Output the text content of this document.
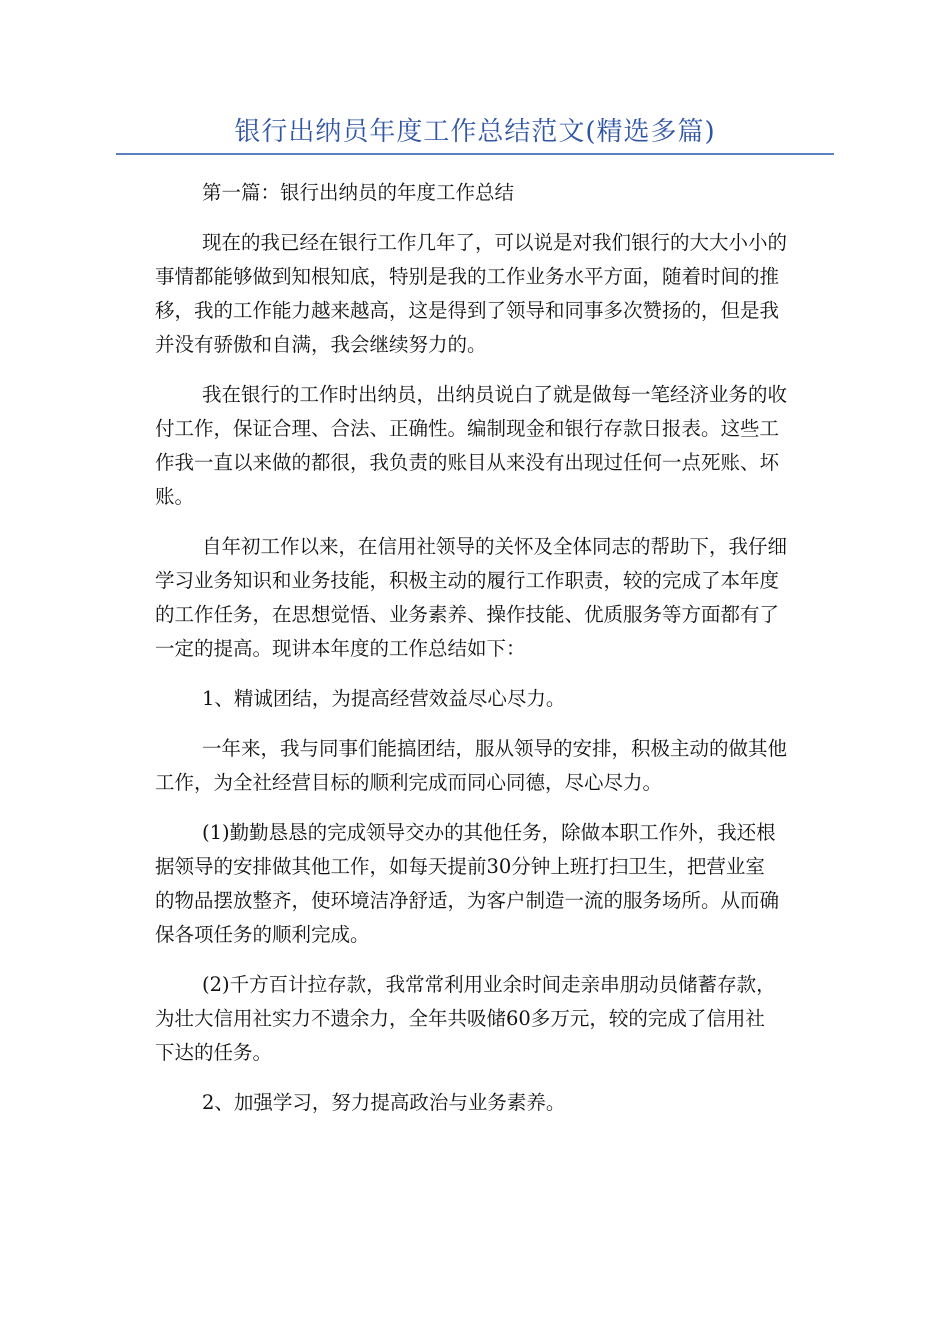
银行出纳员年度工作总结范文(精选多篇)
第一篇：银行出纳员的年度工作总结
现在的我已经在银行工作几年了，可以说是对我们银行的大大小小的
事情都能够做到知根知底，特别是我的工作业务水平方面，随着时间的推
移，我的工作能力越来越高，这是得到了领导和同事多次赞扬的，但是我
并没有骄傲和自满，我会继续努力的。
我在银行的工作时出纳员，出纳员说白了就是做每一笔经济业务的收
付工作，保证合理、合法、正确性。编制现金和银行存款日报表。这些工
作我一直以来做的都很，我负责的账目从来没有出现过任何一点死账、坏
账。
自年初工作以来，在信用社领导的关怀及全体同志的帮助下，我仔细
学习业务知识和业务技能，积极主动的履行工作职责，较的完成了本年度
的工作任务，在思想觉悟、业务素养、操作技能、优质服务等方面都有了
一定的提高。现讲本年度的工作总结如下：
1、精诚团结，为提高经营效益尽心尽力。
一年来，我与同事们能搞团结，服从领导的安排，积极主动的做其他
工作，为全社经营目标的顺利完成而同心同德，尽心尽力。
(1)勤勤恳恳的完成领导交办的其他任务，除做本职工作外，我还根
据领导的安排做其他工作，如每天提前30分钟上班打扫卫生，把营业室
的物品摆放整齐，使环境洁净舒适，为客户制造一流的服务场所。从而确
保各项任务的顺利完成。
(2)千方百计拉存款，我常常利用业余时间走亲串朋动员储蓄存款，
为壮大信用社实力不遗余力，全年共吸储60多万元，较的完成了信用社
下达的任务。
2、加强学习，努力提高政治与业务素养。
